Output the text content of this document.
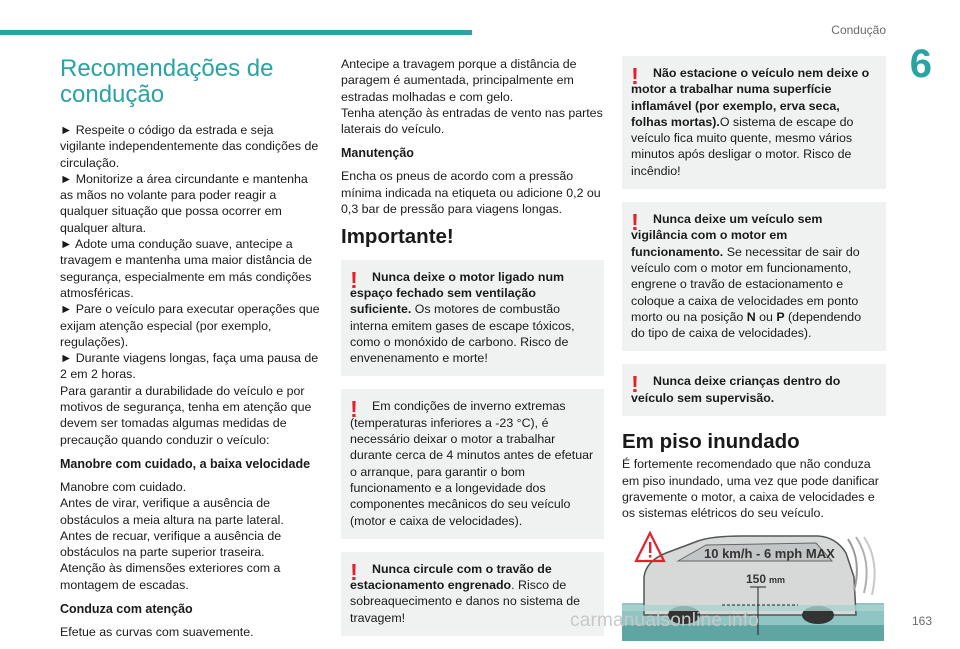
Condução
6
Recomendações de condução

► Respeite o código da estrada e seja vigilante independentemente das condições de circulação.

► Monitorize a área circundante e mantenha as mãos no volante para poder reagir a qualquer situação que possa ocorrer em qualquer altura.

► Adote uma condução suave, antecipe a travagem e mantenha uma maior distância de segurança, especialmente em más condições atmosféricas.

► Pare o veículo para executar operações que exijam atenção especial (por exemplo, regulações).

► Durante viagens longas, faça uma pausa de 2 em 2 horas.

Para garantir a durabilidade do veículo e por motivos de segurança, tenha em atenção que devem ser tomadas algumas medidas de precaução quando conduzir o veículo:

Manobre com cuidado, a baixa velocidade

Manobre com cuidado.

Antes de virar, verifique a ausência de obstáculos a meia altura na parte lateral.

Antes de recuar, verifique a ausência de obstáculos na parte superior traseira.

Atenção às dimensões exteriores com a montagem de escadas.

Conduza com atenção

Efetue as curvas com suavemente.

Antecipe a travagem porque a distância de paragem é aumentada, principalmente em estradas molhadas e com gelo.

Tenha atenção às entradas de vento nas partes laterais do veículo.

Manutenção

Encha os pneus de acordo com a pressão mínima indicada na etiqueta ou adicione 0,2 ou 0,3 bar de pressão para viagens longas.

Importante!
!	Nunca deixe o motor ligado num espaço fechado sem ventilação suficiente. Os motores de combustão interna emitem gases de escape tóxicos, como o monóxido de carbono. Risco de envenenamento e morte!

!	Em condições de inverno extremas (temperaturas inferiores a -23 °C), é necessário deixar o motor a trabalhar durante cerca de 4 minutos antes de efetuar o arranque, para garantir o bom funcionamento e a longevidade dos componentes mecânicos do seu veículo (motor e caixa de velocidades).

!	Nunca circule com o travão de estacionamento engrenado. Risco de sobreaquecimento e danos no sistema de travagem!

!	Não estacione o veículo nem deixe o motor a trabalhar numa superfície inflamável (por exemplo, erva seca, folhas mortas).O sistema de escape do veículo fica muito quente, mesmo vários minutos após desligar o motor. Risco de incêndio!

!	Nunca deixe um veículo sem vigilância com o motor em funcionamento. Se necessitar de sair do veículo com o motor em funcionamento, engrene o travão de estacionamento e coloque a caixa de velocidades em ponto morto ou na posição N ou P (dependendo do tipo de caixa de velocidades).

!	Nunca deixe crianças dentro do veículo sem supervisão.

Em piso inundado

É fortemente recomendado que não conduza em piso inundado, uma vez que pode danificar gravemente o motor, a caixa de velocidades e os sistemas elétricos do seu veículo.

10 km/h - 6 mph MAX
150 mm
carmanualsonline.info	163
